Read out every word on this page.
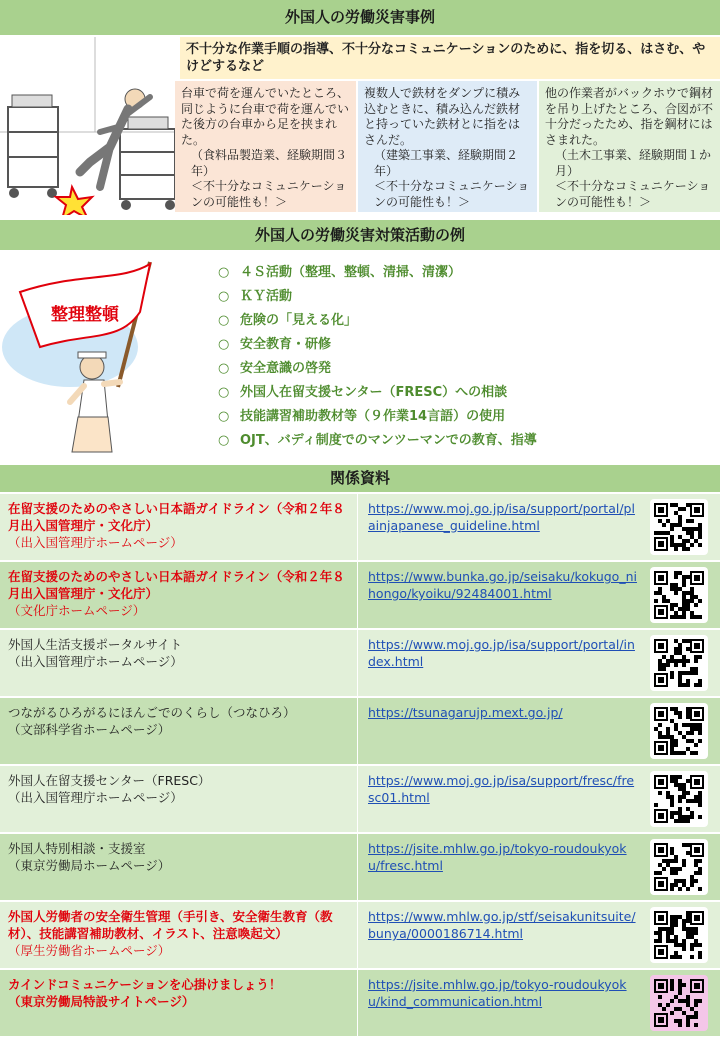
外国人の労働災害事例
不十分な作業手順の指導、不十分なコミュニケーションのために、指を切る、はさむ、やけどするなど
台車で荷を運んでいたところ、同じように台車で荷を運んでいた後方の台車から足を挟まれた。
（食料品製造業、経験期間３年）
＜不十分なコミュニケーションの可能性も！＞
複数人で鉄材をダンプに積み込むときに、積み込んだ鉄材と持っていた鉄材とに指をはさんだ。
（建築工事業、経験期間２年）
＜不十分なコミュニケーションの可能性も！＞
他の作業者がバックホウで鋼材を吊り上げたところ、合図が不十分だったため、指を鋼材にはさまれた。
（土木工事業、経験期間１か月）
＜不十分なコミュニケーションの可能性も！＞
外国人の労働災害対策活動の例
整理整頓
○ ４Ｓ活動（整理、整頓、清掃、清潔）
○ ＫＹ活動
○ 危険の「見える化」
○ 安全教育・研修
○ 安全意識の啓発
○ 外国人在留支援センター（FRESC）への相談
○ 技能講習補助教材等（９作業14言語）の使用
○ OJT、バディ制度でのマンツーマンでの教育、指導
関係資料
在留支援のためのやさしい日本語ガイドライン（令和２年８月出入国管理庁・文化庁）
（出入国管理庁ホームページ）
https://www.moj.go.jp/isa/support/portal/plainjapanese_guideline.html
在留支援のためのやさしい日本語ガイドライン（令和２年８月出入国管理庁・文化庁）
（文化庁ホームページ）
https://www.bunka.go.jp/seisaku/kokugo_nihongo/kyoiku/92484001.html
外国人生活支援ポータルサイト
（出入国管理庁ホームページ）
https://www.moj.go.jp/isa/support/portal/index.html
つながるひろがるにほんごでのくらし（つなひろ）
（文部科学省ホームページ）
https://tsunagarujp.mext.go.jp/
外国人在留支援センター（FRESC）
（出入国管理庁ホームページ）
https://www.moj.go.jp/isa/support/fresc/fresc01.html
外国人特別相談・支援室
（東京労働局ホームページ）
https://jsite.mhlw.go.jp/tokyo-roudoukyoku/fresc.html
外国人労働者の安全衛生管理（手引き、安全衛生教育（教材）、技能講習補助教材、イラスト、注意喚起文）
（厚生労働省ホームページ）
https://www.mhlw.go.jp/stf/seisakunitsuite/bunya/0000186714.html
カインドコミュニケーションを心掛けましょう！
（東京労働局特設サイトページ）
https://jsite.mhlw.go.jp/tokyo-roudoukyoku/kind_communication.html
